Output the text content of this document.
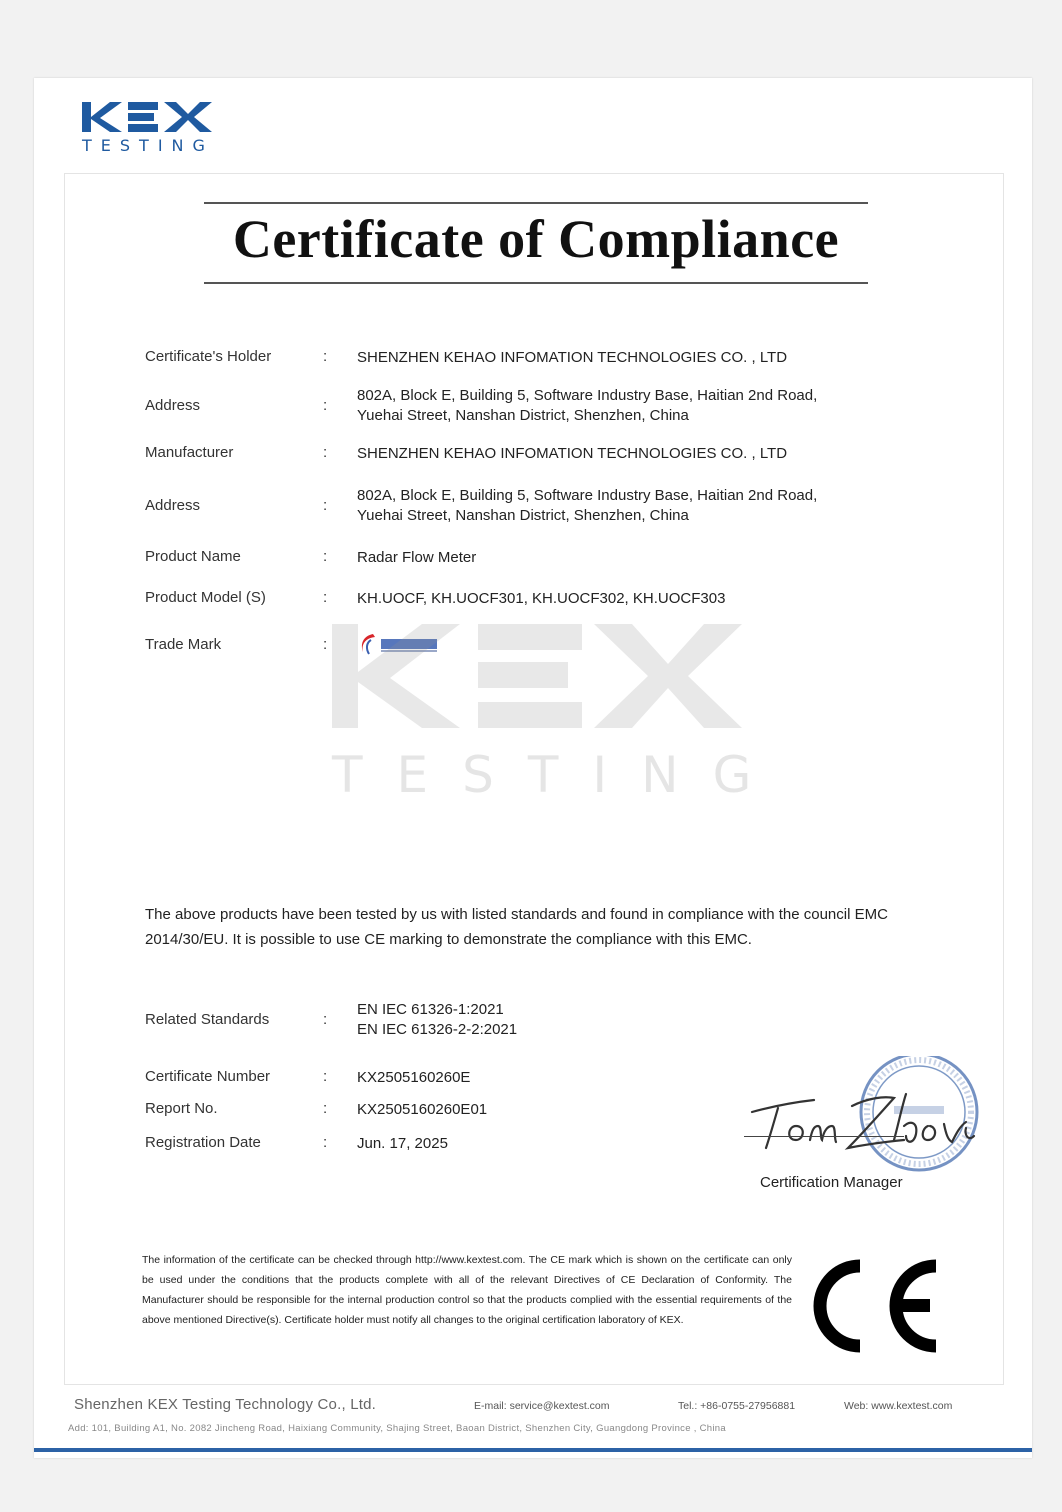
TESTING
Certificate of Compliance
Certificate's Holder	: SHENZHEN KEHAO INFOMATION TECHNOLOGIES CO. , LTD
Address	:
802A, Block E, Building 5, Software Industry Base, Haitian 2nd Road,
Yuehai Street, Nanshan District, Shenzhen, China
Manufacturer	: SHENZHEN KEHAO INFOMATION TECHNOLOGIES CO. , LTD
Address	:
802A, Block E, Building 5, Software Industry Base, Haitian 2nd Road,
Yuehai Street, Nanshan District, Shenzhen, China
Product Name	: Radar Flow Meter
Product Model (S)	: KH.UOCF, KH.UOCF301, KH.UOCF302, KH.UOCF303
Trade Mark	:
TESTING
The above products have been tested by us with listed standards and found in compliance with the council EMC 2014/30/EU. It is possible to use CE marking to demonstrate the compliance with this EMC.
Related Standards	:
EN IEC 61326-1:2021
EN IEC 61326-2-2:2021
Certificate Number	: KX2505160260E
Report No.	: KX2505160260E01
Registration Date	: Jun. 17, 2025
Certification Manager
The information of the certificate can be checked through http://www.kextest.com. The CE mark which is shown on the certificate can only be used under the conditions that the products complete with all of the relevant Directives of CE Declaration of Conformity. The Manufacturer should be responsible for the internal production control so that the products complied with the essential requirements of the above mentioned Directive(s). Certificate holder must notify all changes to the original certification laboratory of KEX.
Shenzhen KEX Testing Technology Co., Ltd.	E-mail: service@kextest.com	Tel.: +86-0755-27956881	Web: www.kextest.com
Add: 101, Building A1, No. 2082 Jincheng Road, Haixiang Community, Shajing Street, Baoan District, Shenzhen City, Guangdong Province , China
